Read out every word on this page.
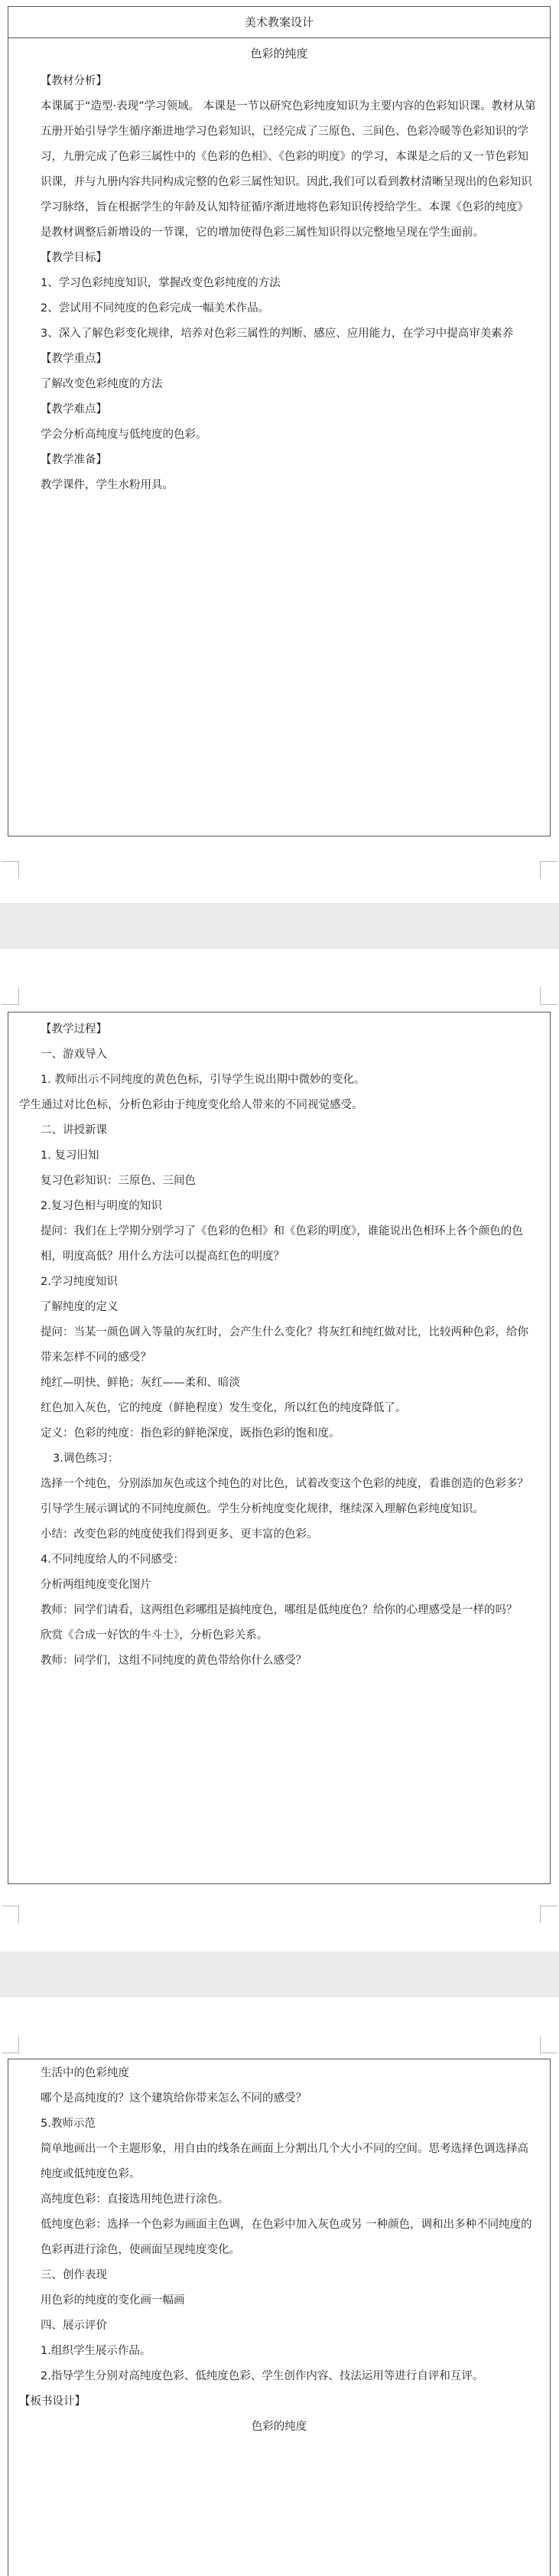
美术教案设计
色彩的纯度

【教材分析】

本课属于“造型·表现”学习领域。 本课是一节以研究色彩纯度知识为主要内容的色彩知识课。教材从第五册开始引导学生循序渐进地学习色彩知识，已经完成了三原色、三间色、色彩冷暖等色彩知识的学习，九册完成了色彩三属性中的《色彩的色相》、《色彩的明度》的学习，本课是之后的又一节色彩知识课，并与九册内容共同构成完整的色彩三属性知识。因此,我们可以看到教材清晰呈现出的色彩知识学习脉络，旨在根据学生的年龄及认知特征循序渐进地将色彩知识传授给学生。本课《色彩的纯度》是教材调整后新增设的一节课，它的增加使得色彩三属性知识得以完整地呈现在学生面前。

【教学目标】

1、学习色彩纯度知识，掌握改变色彩纯度的方法

2、尝试用不同纯度的色彩完成一幅美术作品。

3、深入了解色彩变化规律，培养对色彩三属性的判断、感应、应用能力，在学习中提高审美素养

【教学重点】

了解改变色彩纯度的方法

【教学难点】

学会分析高纯度与低纯度的色彩。

【教学准备】

教学课件，学生水粉用具。

【教学过程】

一、游戏导入

1. 教师出示不同纯度的黄色色标，引导学生说出期中微妙的变化。

学生通过对比色标，分析色彩由于纯度变化给人带来的不同视觉感受。

二、讲授新课

1. 复习旧知

复习色彩知识：三原色、三间色

2.复习色相与明度的知识

提问：我们在上学期分别学习了《色彩的色相》和《色彩的明度》，谁能说出色相环上各个颜色的色相，明度高低？用什么方法可以提高红色的明度？

2.学习纯度知识

了解纯度的定义

提问：当某一颜色调入等量的灰红时，会产生什么变化？将灰红和纯红做对比，比较两种色彩，给你带来怎样不同的感受？

纯红—明快、鲜艳；灰红——柔和、暗淡

红色加入灰色，它的纯度（鲜艳程度）发生变化，所以红色的纯度降低了。

定义：色彩的纯度：指色彩的鲜艳深度，既指色彩的饱和度。

3.调色练习：

选择一个纯色，分别添加灰色或这个纯色的对比色，试着改变这个色彩的纯度，看谁创造的色彩多？

引导学生展示调试的不同纯度颜色。学生分析纯度变化规律，继续深入理解色彩纯度知识。

小结：改变色彩的纯度使我们得到更多、更丰富的色彩。

4.不同纯度给人的不同感受：

分析两组纯度变化图片

教师：同学们请看，这两组色彩哪组是搞纯度色，哪组是低纯度色？给你的心理感受是一样的吗？

欣赏《合成一好饮的牛斗士》，分析色彩关系。

教师：同学们，这组不同纯度的黄色带给你什么感受？

生活中的色彩纯度

哪个是高纯度的？这个建筑给你带来怎么不同的感受？

5.教师示范

简单地画出一个主题形象，用自由的线条在画面上分割出几个大小不同的空间。思考选择色调选择高纯度或低纯度色彩。

高纯度色彩：直接选用纯色进行涂色。

低纯度色彩：选择一个色彩为画面主色调，在色彩中加入灰色或另 一种颜色，调和出多种不同纯度的色彩再进行涂色，使画面呈现纯度变化。

三、创作表现

用色彩的纯度的变化画一幅画

四、展示评价

1.组织学生展示作品。

2.指导学生分别对高纯度色彩、低纯度色彩、学生创作内容、技法运用等进行自评和互评。

【板书设计】

色彩的纯度
